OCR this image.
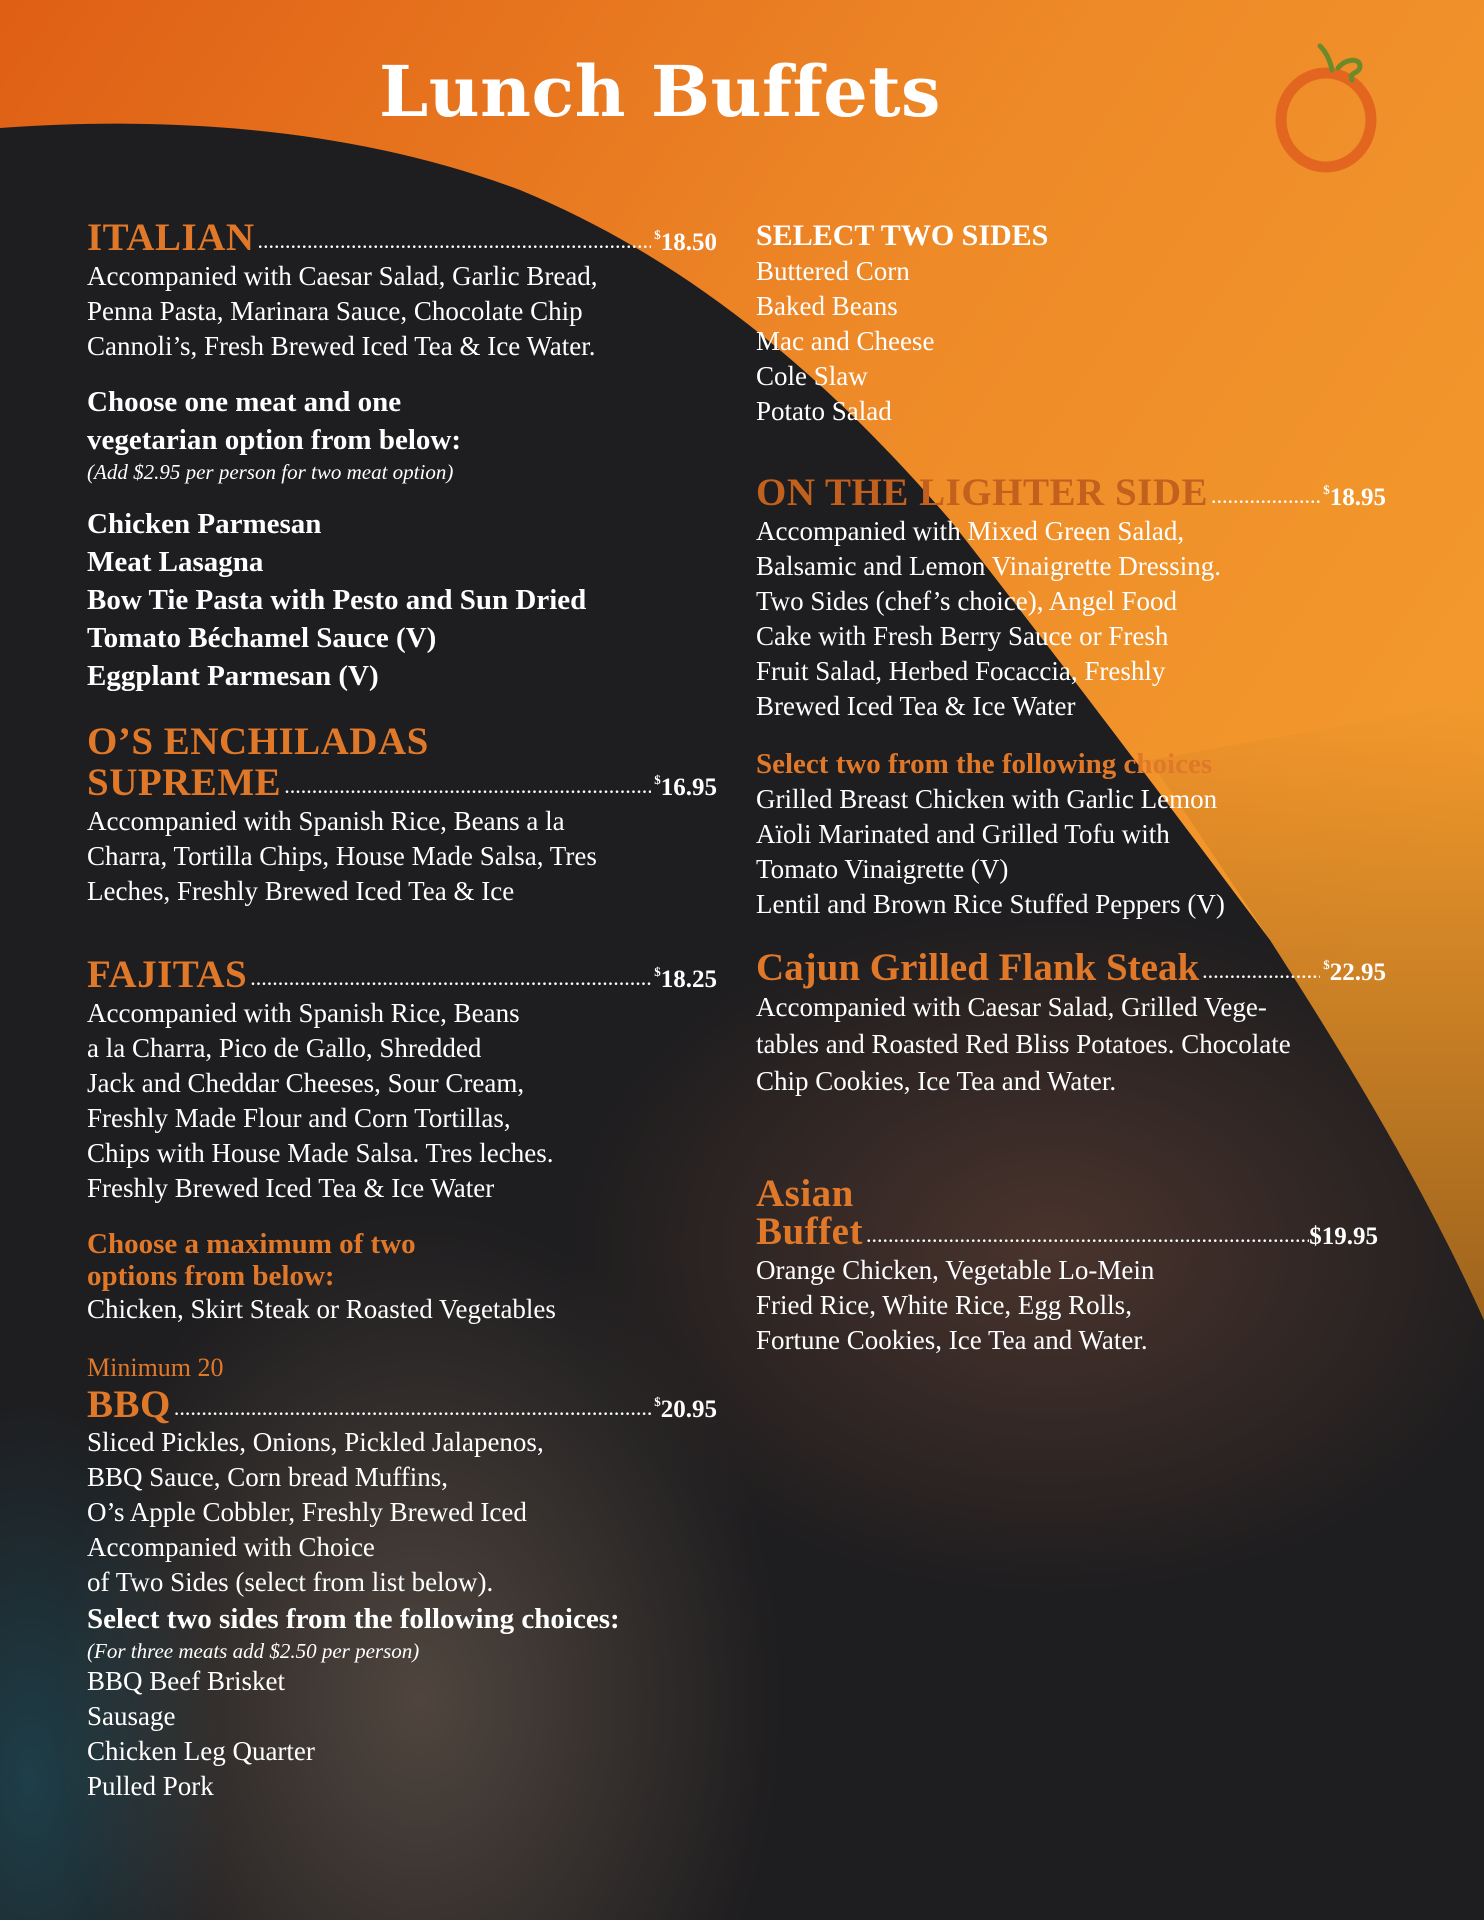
Lunch Buffets
ITALIAN .....	$18.50
Accompanied with Caesar Salad, Garlic Bread,
Penna Pasta, Marinara Sauce, Chocolate Chip
Cannoli’s, Fresh Brewed Iced Tea & Ice Water.
Choose one meat and one
vegetarian option from below:
(Add $2.95 per person for two meat option)
Chicken Parmesan
Meat Lasagna
Bow Tie Pasta with Pesto and Sun Dried
Tomato Béchamel Sauce (V)
Eggplant Parmesan (V)
O’S ENCHILADAS
SUPREME .....	$16.95
Accompanied with Spanish Rice, Beans a la
Charra, Tortilla Chips, House Made Salsa, Tres
Leches, Freshly Brewed Iced Tea & Ice
FAJITAS .....	$18.25
Accompanied with Spanish Rice, Beans
a la Charra, Pico de Gallo, Shredded
Jack and Cheddar Cheeses, Sour Cream,
Freshly Made Flour and Corn Tortillas,
Chips with House Made Salsa. Tres leches.
Freshly Brewed Iced Tea & Ice Water
Choose a maximum of two
options from below:
Chicken, Skirt Steak or Roasted Vegetables
Minimum 20
BBQ .....	$20.95
Sliced Pickles, Onions, Pickled Jalapenos,
BBQ Sauce, Corn bread Muffins,
O’s Apple Cobbler, Freshly Brewed Iced
Accompanied with Choice
of Two Sides (select from list below).
Select two sides from the following choices:
(For three meats add $2.50 per person)
BBQ Beef Brisket
Sausage
Chicken Leg Quarter
Pulled Pork
SELECT TWO SIDES
Buttered Corn
Baked Beans
Mac and Cheese
Cole Slaw
Potato Salad
ON THE LIGHTER SIDE .....	$18.95
Accompanied with Mixed Green Salad,
Balsamic and Lemon Vinaigrette Dressing.
Two Sides (chef’s choice), Angel Food
Cake with Fresh Berry Sauce or Fresh
Fruit Salad, Herbed Focaccia, Freshly
Brewed Iced Tea & Ice Water
Select two from the following choices
Grilled Breast Chicken with Garlic Lemon
Aïoli Marinated and Grilled Tofu with
Tomato Vinaigrette (V)
Lentil and Brown Rice Stuffed Peppers (V)
Cajun Grilled Flank Steak .....	$22.95
Accompanied with Caesar Salad, Grilled Vege-
tables and Roasted Red Bliss Potatoes. Chocolate
Chip Cookies, Ice Tea and Water.
Asian
Buffet .....	$19.95
Orange Chicken, Vegetable Lo-Mein
Fried Rice, White Rice, Egg Rolls,
Fortune Cookies, Ice Tea and Water.
